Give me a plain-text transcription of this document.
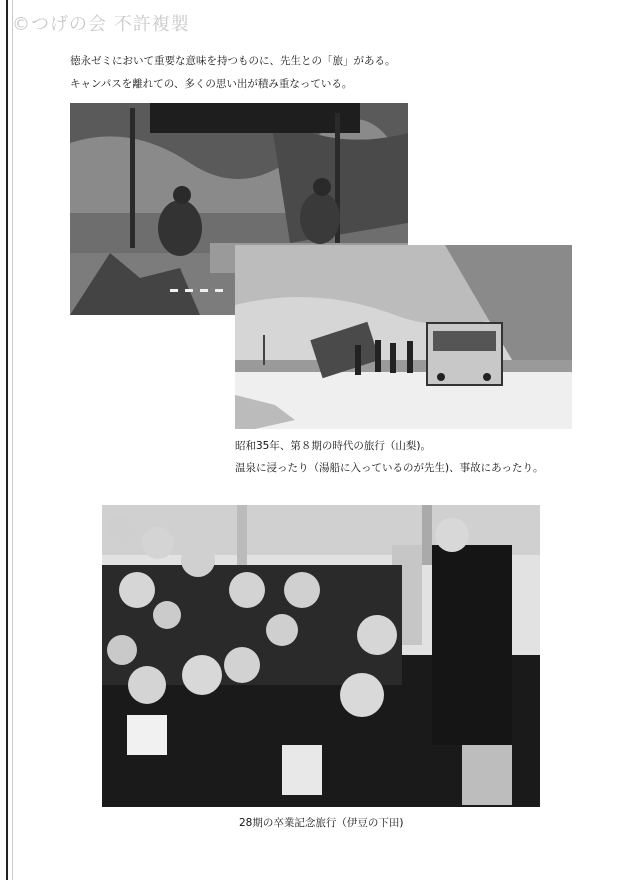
©つげの会 不許複製
徳永ゼミにおいて重要な意味を持つものに、先生との「旅」がある。
キャンパスを離れての、多くの思い出が積み重なっている。
昭和35年、第８期の時代の旅行（山梨)。
温泉に浸ったり（湯船に入っているのが先生)、事故にあったり。
28期の卒業記念旅行（伊豆の下田)
